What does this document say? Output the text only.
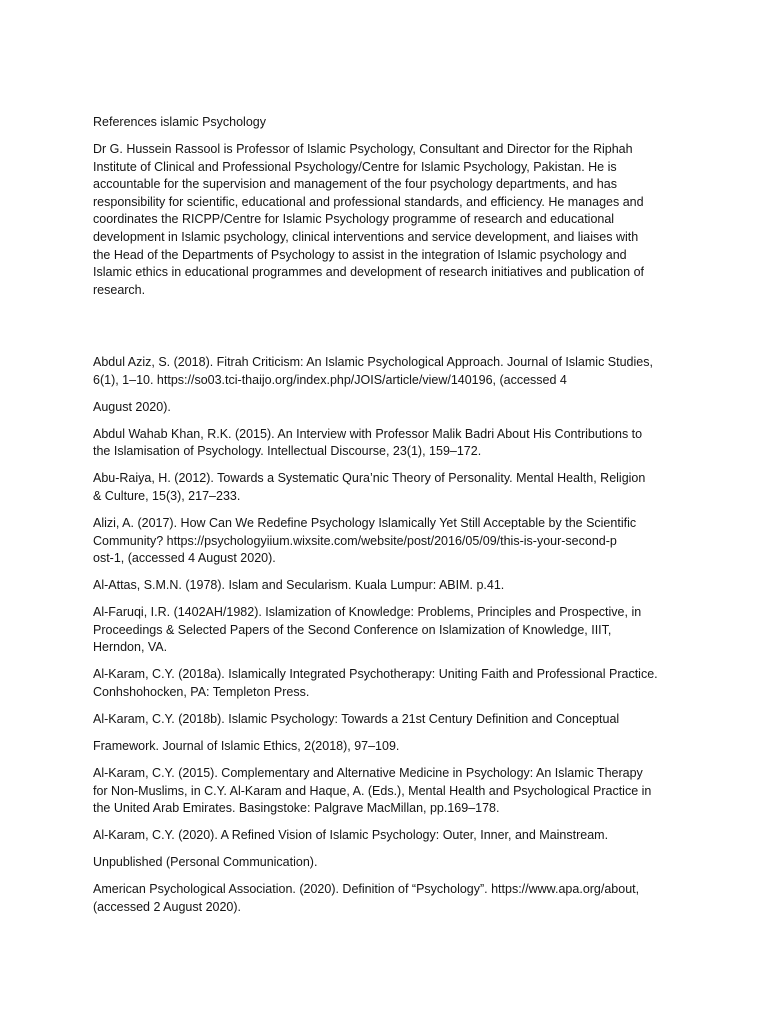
References islamic Psychology

Dr G. Hussein Rassool is Professor of Islamic Psychology, Consultant and Director for the Riphah
Institute of Clinical and Professional Psychology/Centre for Islamic Psychology, Pakistan. He is
accountable for the supervision and management of the four psychology departments, and has
responsibility for scientific, educational and professional standards, and efficiency. He manages and
coordinates the RICPP/Centre for Islamic Psychology programme of research and educational
development in Islamic psychology, clinical interventions and service development, and liaises with
the Head of the Departments of Psychology to assist in the integration of Islamic psychology and
Islamic ethics in educational programmes and development of research initiatives and publication of
research.

Abdul Aziz, S. (2018). Fitrah Criticism: An Islamic Psychological Approach. Journal of Islamic Studies,
6(1), 1–10. https://so03.tci-thaijo.org/index.php/JOIS/article/view/140196, (accessed 4

August 2020).

Abdul Wahab Khan, R.K. (2015). An Interview with Professor Malik Badri About His Contributions to
the Islamisation of Psychology. Intellectual Discourse, 23(1), 159–172.

Abu-Raiya, H. (2012). Towards a Systematic Qura’nic Theory of Personality. Mental Health, Religion
& Culture, 15(3), 217–233.

Alizi, A. (2017). How Can We Redefine Psychology Islamically Yet Still Acceptable by the Scientific
Community? https://psychologyiium.wixsite.com/website/post/2016/05/09/this-is-your-second-p
ost-1, (accessed 4 August 2020).

Al-Attas, S.M.N. (1978). Islam and Secularism. Kuala Lumpur: ABIM. p.41.

Al-Faruqi, I.R. (1402AH/1982). Islamization of Knowledge: Problems, Principles and Prospective, in
Proceedings & Selected Papers of the Second Conference on Islamization of Knowledge, IIIT,
Herndon, VA.

Al-Karam, C.Y. (2018a). Islamically Integrated Psychotherapy: Uniting Faith and Professional Practice.
Conhshohocken, PA: Templeton Press.

Al-Karam, C.Y. (2018b). Islamic Psychology: Towards a 21st Century Definition and Conceptual

Framework. Journal of Islamic Ethics, 2(2018), 97–109.

Al-Karam, C.Y. (2015). Complementary and Alternative Medicine in Psychology: An Islamic Therapy
for Non-Muslims, in C.Y. Al-Karam and Haque, A. (Eds.), Mental Health and Psychological Practice in
the United Arab Emirates. Basingstoke: Palgrave MacMillan, pp.169–178.

Al-Karam, C.Y. (2020). A Refined Vision of Islamic Psychology: Outer, Inner, and Mainstream.

Unpublished (Personal Communication).

American Psychological Association. (2020). Definition of “Psychology”. https://www.apa.org/about,
(accessed 2 August 2020).
